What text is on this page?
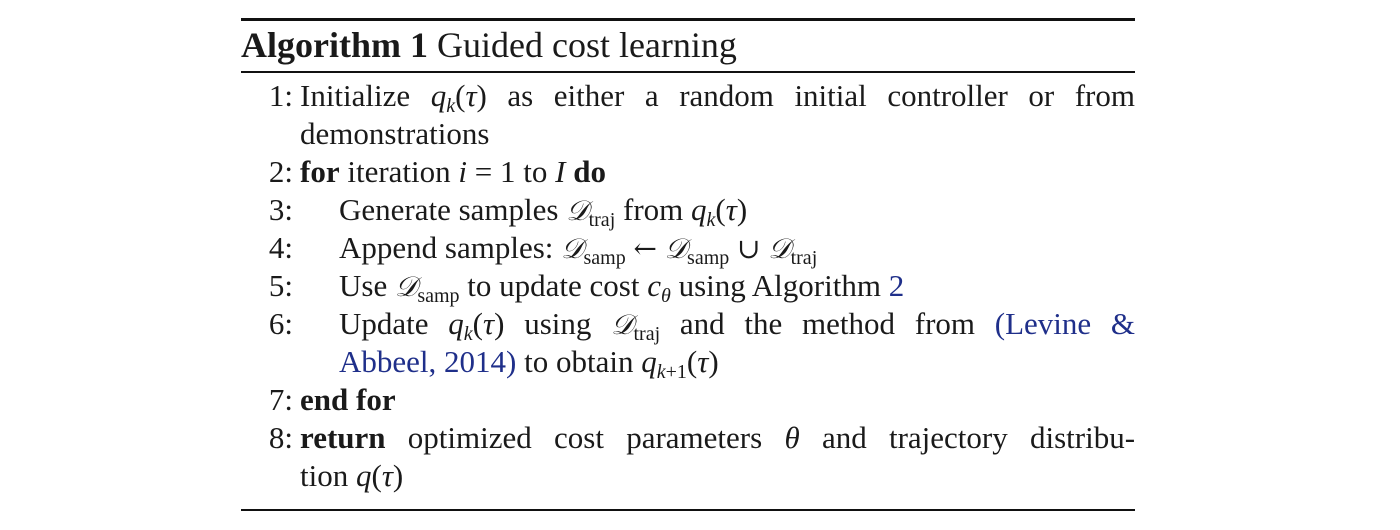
Algorithm 1 Guided cost learning
1: Initialize qk(τ) as either a random initial controller or from
demonstrations
2: for iteration i = 1 to I do
3: Generate samples 𝒟$_{traj}$ from qk(τ)
4: Append samples: 𝒟$_{samp}$ ← 𝒟$_{samp}$ ∪ 𝒟$_{traj}$
5: Use 𝒟$_{samp}$ to update cost cθ using Algorithm 2
6: Update qk(τ) using 𝒟$_{traj}$ and the method from (Levine &
Abbeel, 2014) to obtain $qk_{+1}(\tau)$
7: end for
8: return optimized cost parameters θ and trajectory distribu-
tion q(τ)
